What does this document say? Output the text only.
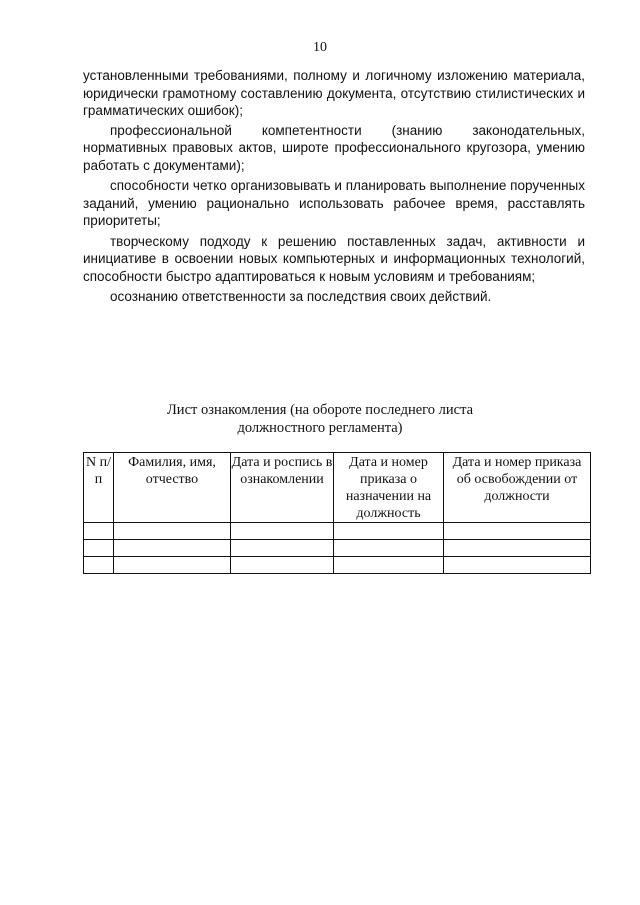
10

установленными требованиями, полному и логичному изложению материала, юридически грамотному составлению документа, отсутствию стилистических и грамматических ошибок);

профессиональной компетентности (знанию законодательных, нормативных правовых актов, широте профессионального кругозора, умению работать с документами);

способности четко организовывать и планировать выполнение порученных заданий, умению рационально использовать рабочее время, расставлять приоритеты;

творческому подходу к решению поставленных задач, активности и инициативе в освоении новых компьютерных и информационных технологий, способности быстро адаптироваться к новым условиям и требованиям;

осознанию ответственности за последствия своих действий.

Лист ознакомления (на обороте последнего листа
должностного регламента)
N п/п	Фамилия, имя, отчество	Дата и роспись в ознакомлении	Дата и номер приказа о назначении на должность	Дата и номер приказа об освобождении от должности
